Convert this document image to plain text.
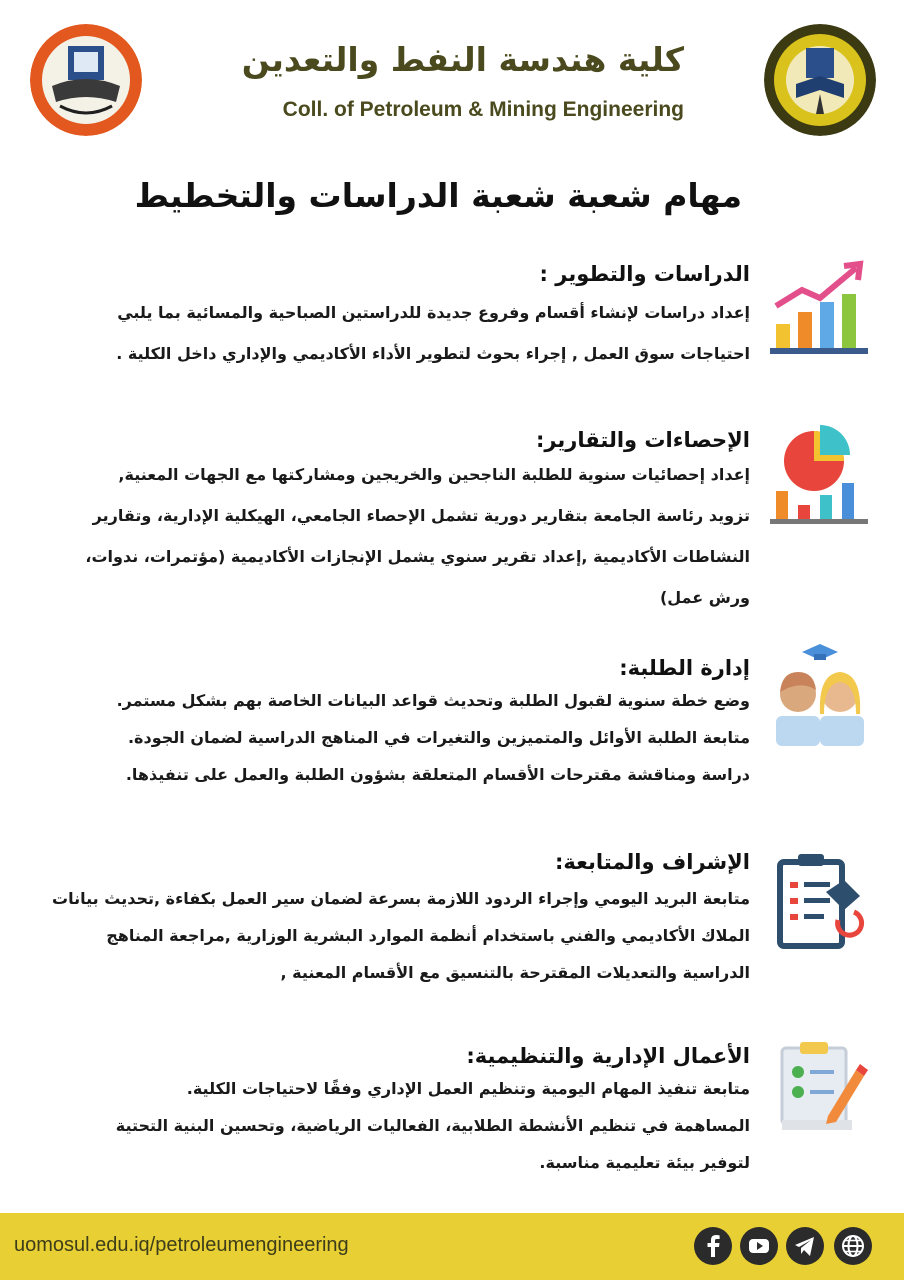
كلية هندسة النفط والتعدين
Coll. of Petroleum & Mining Engineering
مهام شعبة شعبة الدراسات والتخطيط
الدراسات والتطوير :

إعداد دراسات لإنشاء أقسام وفروع جديدة للدراستين الصباحية والمسائية بما يلبي

احتياجات سوق العمل , إجراء بحوث لتطوير الأداء الأكاديمي والإداري داخل الكلية .

الإحصاءات والتقارير:

إعداد إحصائيات سنوية للطلبة الناجحين والخريجين ومشاركتها مع الجهات المعنية,

تزويد رئاسة الجامعة بتقارير دورية تشمل الإحصاء الجامعي، الهيكلية الإدارية، وتقارير

النشاطات الأكاديمية ,إعداد تقرير سنوي يشمل الإنجازات الأكاديمية (مؤتمرات، ندوات،

ورش عمل)

إدارة الطلبة:

وضع خطة سنوية لقبول الطلبة وتحديث قواعد البيانات الخاصة بهم بشكل مستمر.

متابعة الطلبة الأوائل والمتميزين والتغيرات في المناهج الدراسية لضمان الجودة.

دراسة ومناقشة مقترحات الأقسام المتعلقة بشؤون الطلبة والعمل على تنفيذها.

الإشراف والمتابعة:

متابعة البريد اليومي وإجراء الردود اللازمة بسرعة لضمان سير العمل بكفاءة ,تحديث بيانات

الملاك الأكاديمي والفني باستخدام أنظمة الموارد البشرية الوزارية ,مراجعة المناهج

الدراسية والتعديلات المقترحة بالتنسيق مع الأقسام المعنية ,

الأعمال الإدارية والتنظيمية:

متابعة تنفيذ المهام اليومية وتنظيم العمل الإداري وفقًا لاحتياجات الكلية.

المساهمة في تنظيم الأنشطة الطلابية، الفعاليات الرياضية، وتحسين البنية التحتية

لتوفير بيئة تعليمية مناسبة.

uomosul.edu.iq/petroleumengineering
